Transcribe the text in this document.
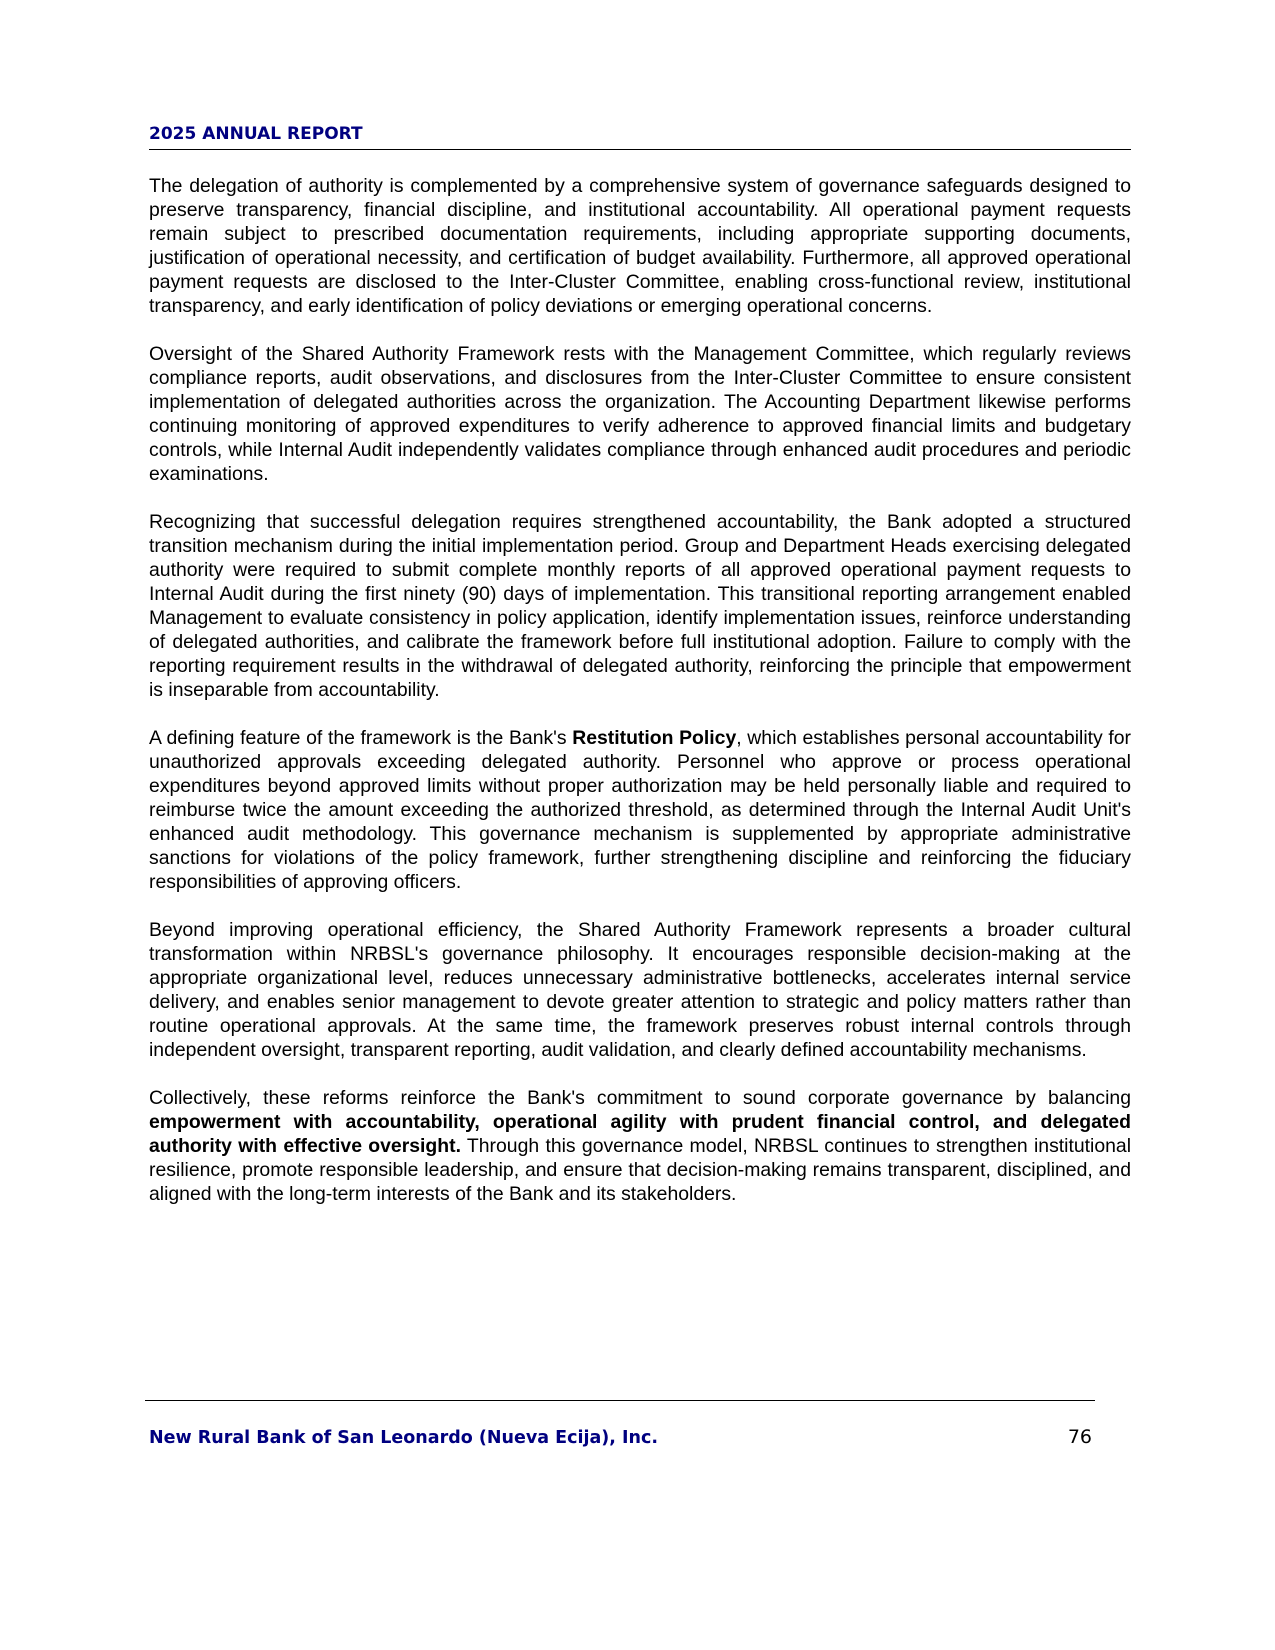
2025 ANNUAL REPORT

The delegation of authority is complemented by a comprehensive system of governance safeguards designed to preserve transparency, financial discipline, and institutional accountability. All operational payment requests remain subject to prescribed documentation requirements, including appropriate supporting documents, justification of operational necessity, and certification of budget availability. Furthermore, all approved operational payment requests are disclosed to the Inter-Cluster Committee, enabling cross-functional review, institutional transparency, and early identification of policy deviations or emerging operational concerns.

Oversight of the Shared Authority Framework rests with the Management Committee, which regularly reviews compliance reports, audit observations, and disclosures from the Inter-Cluster Committee to ensure consistent implementation of delegated authorities across the organization. The Accounting Department likewise performs continuing monitoring of approved expenditures to verify adherence to approved financial limits and budgetary controls, while Internal Audit independently validates compliance through enhanced audit procedures and periodic examinations.

Recognizing that successful delegation requires strengthened accountability, the Bank adopted a structured transition mechanism during the initial implementation period. Group and Department Heads exercising delegated authority were required to submit complete monthly reports of all approved operational payment requests to Internal Audit during the first ninety (90) days of implementation. This transitional reporting arrangement enabled Management to evaluate consistency in policy application, identify implementation issues, reinforce understanding of delegated authorities, and calibrate the framework before full institutional adoption. Failure to comply with the reporting requirement results in the withdrawal of delegated authority, reinforcing the principle that empowerment is inseparable from accountability.

A defining feature of the framework is the Bank's Restitution Policy, which establishes personal accountability for unauthorized approvals exceeding delegated authority. Personnel who approve or process operational expenditures beyond approved limits without proper authorization may be held personally liable and required to reimburse twice the amount exceeding the authorized threshold, as determined through the Internal Audit Unit's enhanced audit methodology. This governance mechanism is supplemented by appropriate administrative sanctions for violations of the policy framework, further strengthening discipline and reinforcing the fiduciary responsibilities of approving officers.

Beyond improving operational efficiency, the Shared Authority Framework represents a broader cultural transformation within NRBSL's governance philosophy. It encourages responsible decision-making at the appropriate organizational level, reduces unnecessary administrative bottlenecks, accelerates internal service delivery, and enables senior management to devote greater attention to strategic and policy matters rather than routine operational approvals. At the same time, the framework preserves robust internal controls through independent oversight, transparent reporting, audit validation, and clearly defined accountability mechanisms.

Collectively, these reforms reinforce the Bank's commitment to sound corporate governance by balancing empowerment with accountability, operational agility with prudent financial control, and delegated authority with effective oversight. Through this governance model, NRBSL continues to strengthen institutional resilience, promote responsible leadership, and ensure that decision-making remains transparent, disciplined, and aligned with the long-term interests of the Bank and its stakeholders.

New Rural Bank of San Leonardo (Nueva Ecija), Inc.	76
